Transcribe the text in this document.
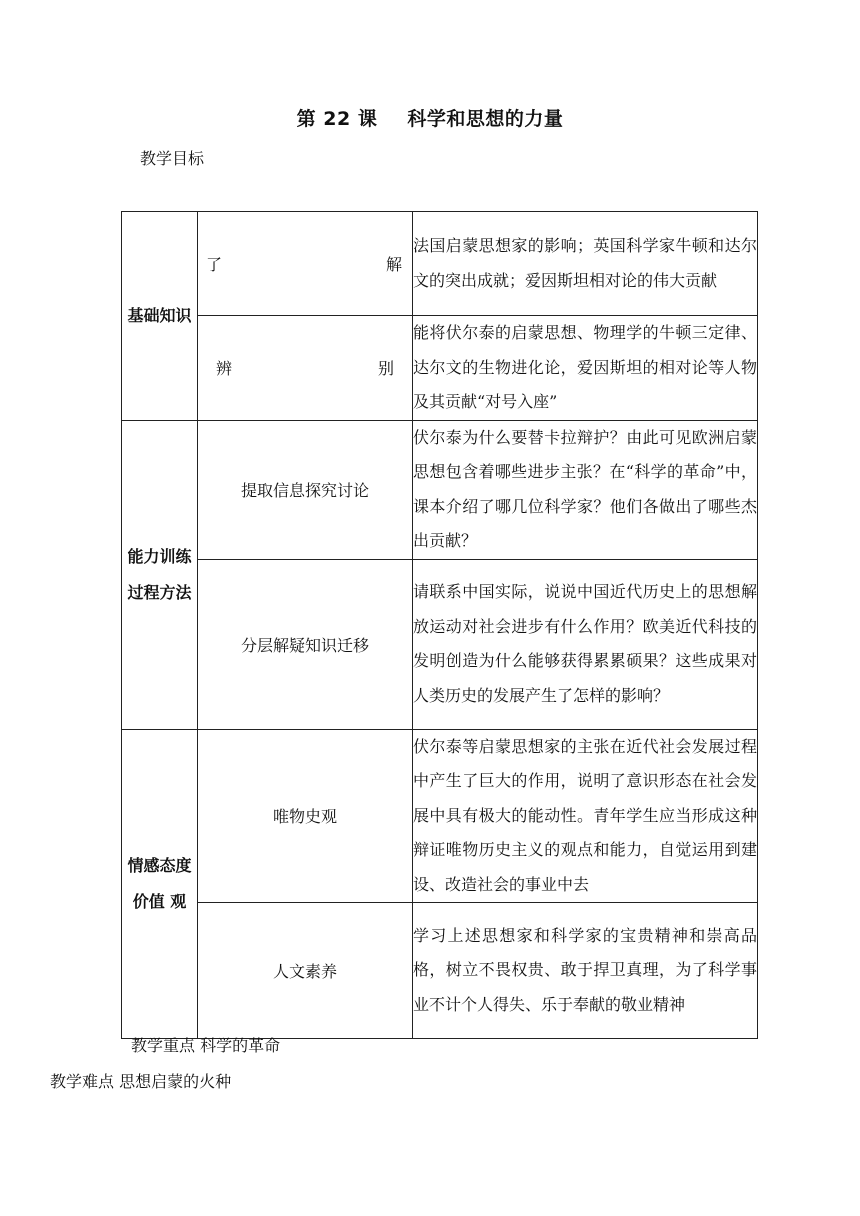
第 22 课 科学和思想的力量
教学目标
基础知识	了 解	法国启蒙思想家的影响；英国科学家牛顿和达尔文的突出成就；爱因斯坦相对论的伟大贡献

	辨 别	能将伏尔泰的启蒙思想、物理学的牛顿三定律、达尔文的生物进化论，爱因斯坦的相对论等人物及其贡献“对号入座”
能力训练过程方法	提取信息探究讨论	伏尔泰为什么要替卡拉辩护？由此可见欧洲启蒙思想包含着哪些进步主张？在“科学的革命”中，课本介绍了哪几位科学家？他们各做出了哪些杰出贡献？
	分层解疑知识迁移	请联系中国实际，说说中国近代历史上的思想解放运动对社会进步有什么作用？欧美近代科技的发明创造为什么能够获得累累硕果？这些成果对人类历史的发展产生了怎样的影响？
情感态度价值 观	唯物史观	伏尔泰等启蒙思想家的主张在近代社会发展过程中产生了巨大的作用，说明了意识形态在社会发展中具有极大的能动性。青年学生应当形成这种辩证唯物历史主义的观点和能力，自觉运用到建设、改造社会的事业中去
	人文素养	学习上述思想家和科学家的宝贵精神和崇高品格，树立不畏权贵、敢于捍卫真理，为了科学事业不计个人得失、乐于奉献的敬业精神
教学重点 科学的革命
教学难点 思想启蒙的火种
